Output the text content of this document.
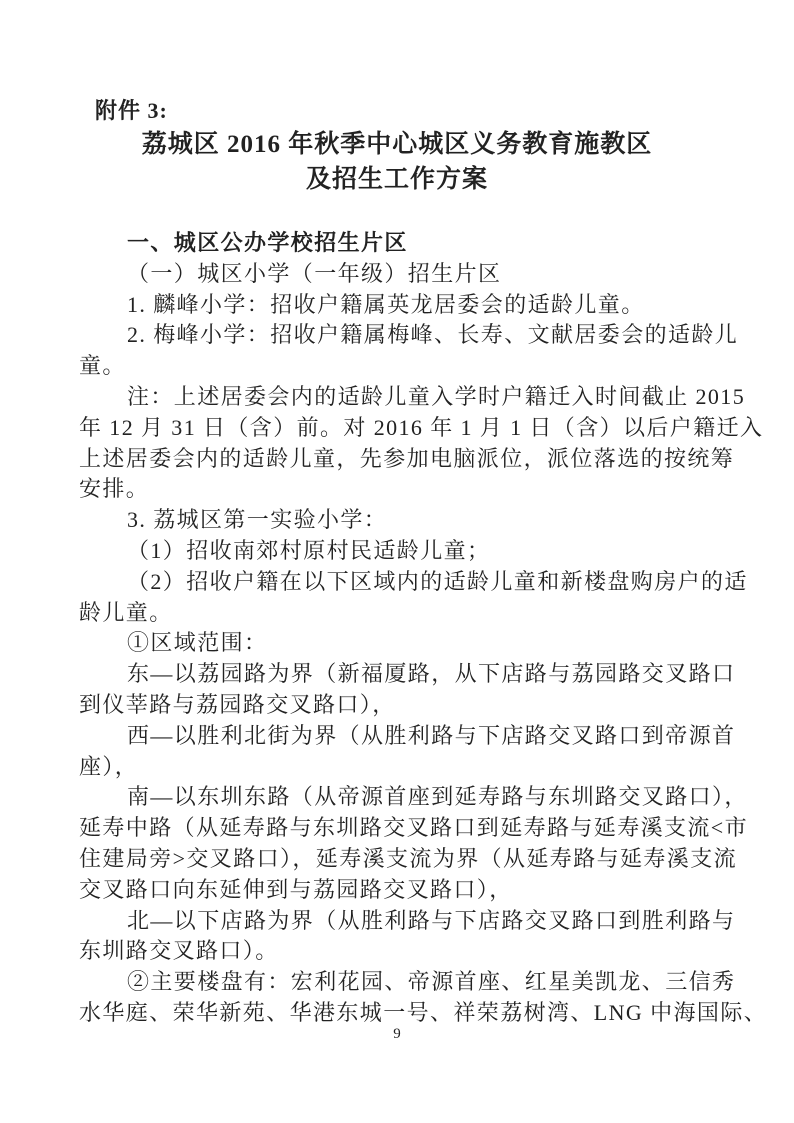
附件 3:
荔城区 2016 年秋季中心城区义务教育施教区
及招生工作方案
一、城区公办学校招生片区
（一）城区小学（一年级）招生片区
1. 麟峰小学：招收户籍属英龙居委会的适龄儿童。
2. 梅峰小学：招收户籍属梅峰、长寿、文献居委会的适龄儿
童。
注：上述居委会内的适龄儿童入学时户籍迁入时间截止 2015
年 12 月 31 日（含）前。对 2016 年 1 月 1 日（含）以后户籍迁入
上述居委会内的适龄儿童，先参加电脑派位，派位落选的按统筹
安排。
3. 荔城区第一实验小学：
（1）招收南郊村原村民适龄儿童；
（2）招收户籍在以下区域内的适龄儿童和新楼盘购房户的适
龄儿童。
①区域范围：
东—以荔园路为界（新福厦路，从下店路与荔园路交叉路口
到仪莘路与荔园路交叉路口），
西—以胜利北街为界（从胜利路与下店路交叉路口到帝源首
座），
南—以东圳东路（从帝源首座到延寿路与东圳路交叉路口），
延寿中路（从延寿路与东圳路交叉路口到延寿路与延寿溪支流<市
住建局旁>交叉路口），延寿溪支流为界（从延寿路与延寿溪支流
交叉路口向东延伸到与荔园路交叉路口），
北—以下店路为界（从胜利路与下店路交叉路口到胜利路与
东圳路交叉路口）。
②主要楼盘有：宏利花园、帝源首座、红星美凯龙、三信秀
水华庭、荣华新苑、华港东城一号、祥荣荔树湾、LNG 中海国际、
9
